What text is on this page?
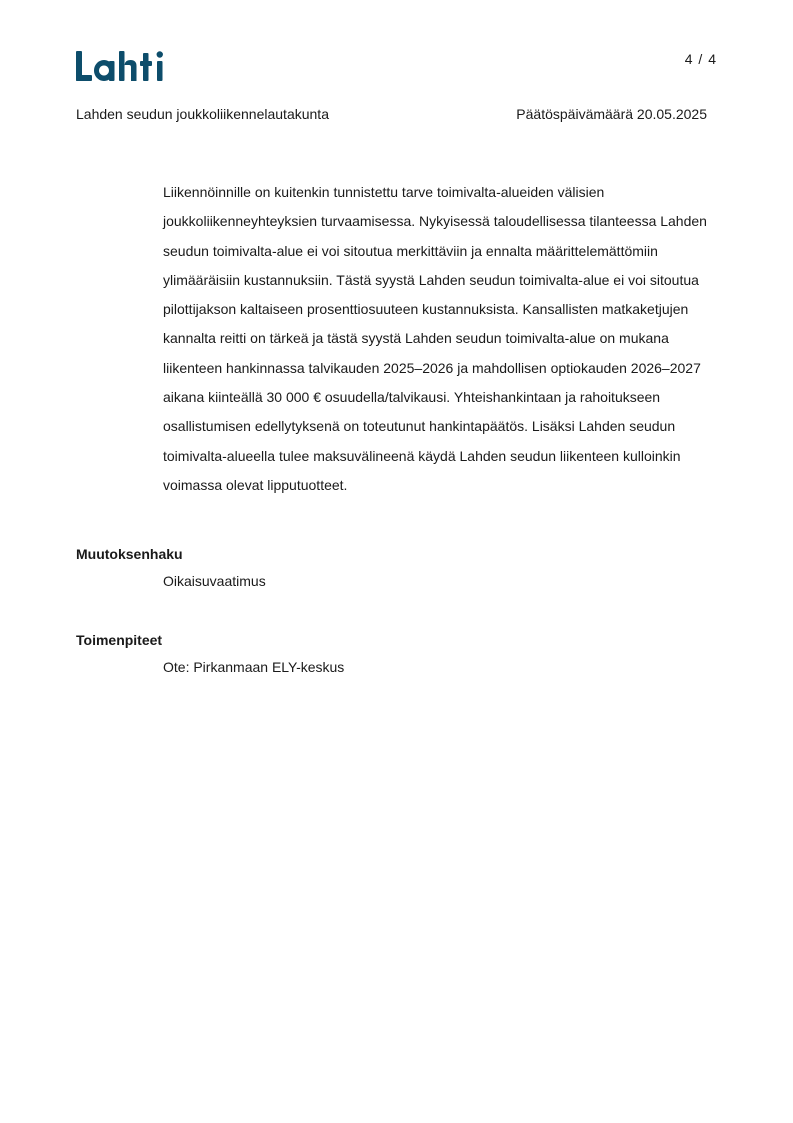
4 / 4
Lahden seudun joukkoliikennelautakunta	Päätöspäivämäärä 20.05.2025

Liikennöinnille on kuitenkin tunnistettu tarve toimivalta-alueiden välisien joukkoliikenneyhteyksien turvaamisessa. Nykyisessä taloudellisessa tilanteessa Lahden seudun toimivalta-alue ei voi sitoutua merkittäviin ja ennalta määrittelemättömiin ylimääräisiin kustannuksiin. Tästä syystä Lahden seudun toimivalta-alue ei voi sitoutua pilottijakson kaltaiseen prosenttiosuuteen kustannuksista. Kansallisten matkaketjujen kannalta reitti on tärkeä ja tästä syystä Lahden seudun toimivalta-alue on mukana liikenteen hankinnassa talvikauden 2025–2026 ja mahdollisen optiokauden 2026–2027 aikana kiinteällä 30 000 € osuudella/talvikausi. Yhteishankintaan ja rahoitukseen osallistumisen edellytyksenä on toteutunut hankintapäätös. Lisäksi Lahden seudun toimivalta-alueella tulee maksuvälineenä käydä Lahden seudun liikenteen kulloinkin voimassa olevat lipputuotteet.

Muutoksenhaku

Oikaisuvaatimus

Toimenpiteet

Ote: Pirkanmaan ELY-keskus
